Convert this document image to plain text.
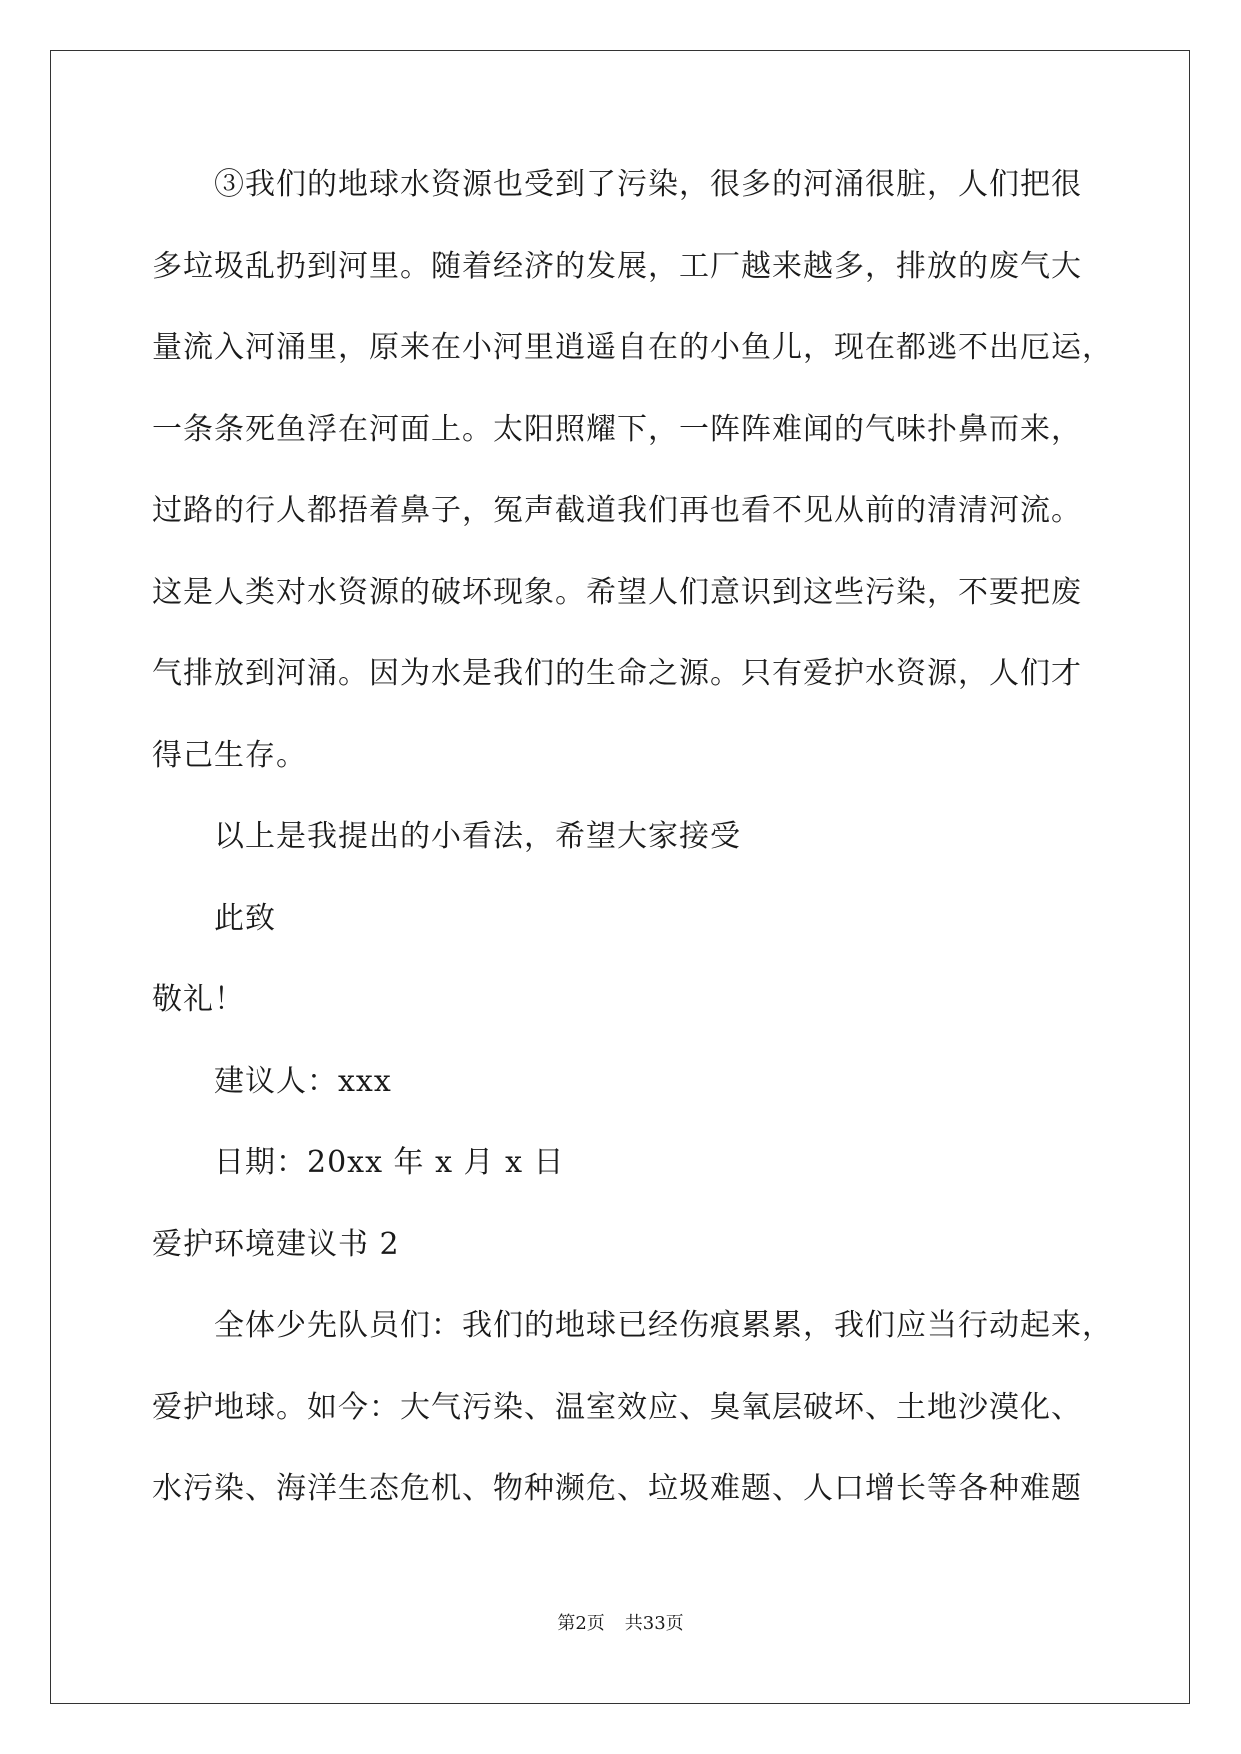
③我们的地球水资源也受到了污染，很多的河涌很脏，人们把很
多垃圾乱扔到河里。随着经济的发展，工厂越来越多，排放的废气大
量流入河涌里，原来在小河里逍遥自在的小鱼儿，现在都逃不出厄运，
一条条死鱼浮在河面上。太阳照耀下，一阵阵难闻的气味扑鼻而来，
过路的行人都捂着鼻子，冤声截道我们再也看不见从前的清清河流。
这是人类对水资源的破坏现象。希望人们意识到这些污染，不要把废
气排放到河涌。因为水是我们的生命之源。只有爱护水资源，人们才
得己生存。
以上是我提出的小看法，希望大家接受
此致
敬礼！
建议人：xxx
日期：20xx 年 x 月 x 日
爱护环境建议书 2
全体少先队员们：我们的地球已经伤痕累累，我们应当行动起来，
爱护地球。如今：大气污染、温室效应、臭氧层破坏、土地沙漠化、
水污染、海洋生态危机、物种濒危、垃圾难题、人口增长等各种难题
第2页 共33页
